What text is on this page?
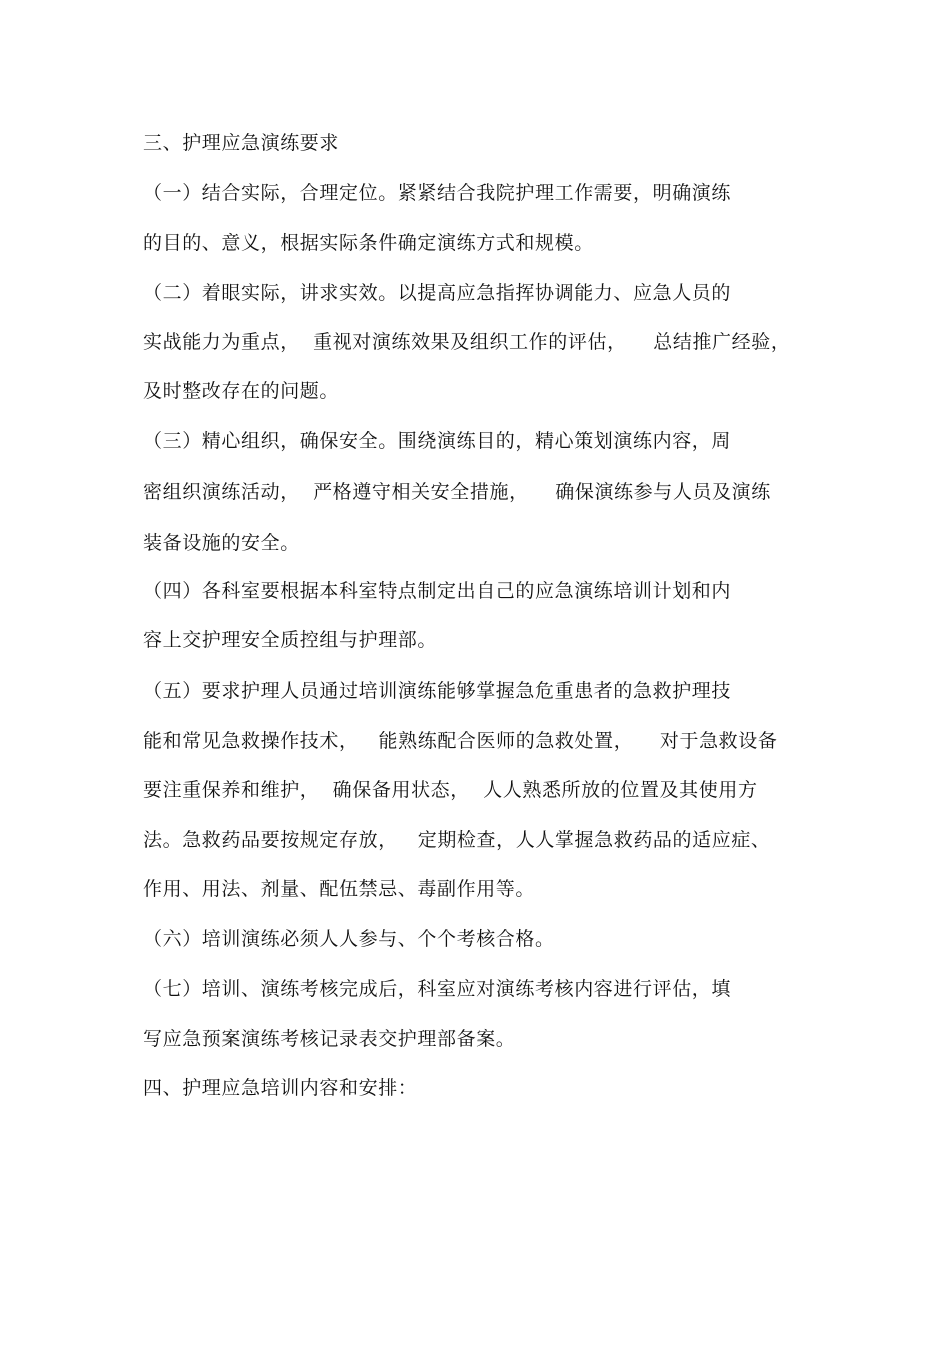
三、护理应急演练要求
（一）结合实际，合理定位。紧紧结合我院护理工作需要，明确演练
的目的、意义，根据实际条件确定演练方式和规模。
（二）着眼实际，讲求实效。以提高应急指挥协调能力、应急人员的
实战能力为重点，  重视对演练效果及组织工作的评估，    总结推广经验，
及时整改存在的问题。
（三）精心组织，确保安全。围绕演练目的，精心策划演练内容，周
密组织演练活动，  严格遵守相关安全措施，    确保演练参与人员及演练
装备设施的安全。
（四）各科室要根据本科室特点制定出自己的应急演练培训计划和内
容上交护理安全质控组与护理部。
（五）要求护理人员通过培训演练能够掌握急危重患者的急救护理技
能和常见急救操作技术，   能熟练配合医师的急救处置，    对于急救设备
要注重保养和维护，  确保备用状态，  人人熟悉所放的位置及其使用方
法。急救药品要按规定存放，   定期检查，人人掌握急救药品的适应症、
作用、用法、剂量、配伍禁忌、毒副作用等。
（六）培训演练必须人人参与、个个考核合格。
（七）培训、演练考核完成后，科室应对演练考核内容进行评估，填
写应急预案演练考核记录表交护理部备案。
四、护理应急培训内容和安排：
